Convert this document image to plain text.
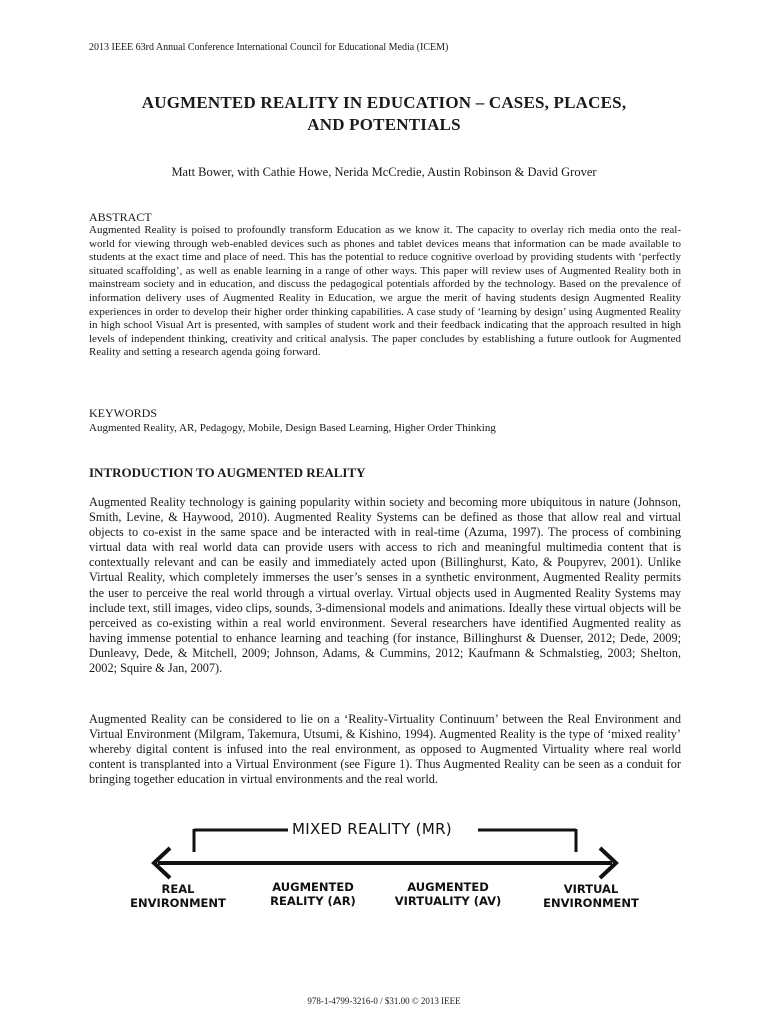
2013 IEEE 63rd Annual Conference International Council for Educational Media (ICEM)
AUGMENTED REALITY IN EDUCATION – CASES, PLACES,
AND POTENTIALS
Matt Bower, with Cathie Howe, Nerida McCredie, Austin Robinson & David Grover
ABSTRACT

Augmented Reality is poised to profoundly transform Education as we know it. The capacity to overlay rich media onto the real-world for viewing through web-enabled devices such as phones and tablet devices means that information can be made available to students at the exact time and place of need. This has the potential to reduce cognitive overload by providing students with ‘perfectly situated scaffolding’, as well as enable learning in a range of other ways. This paper will review uses of Augmented Reality both in mainstream society and in education, and discuss the pedagogical potentials afforded by the technology. Based on the prevalence of information delivery uses of Augmented Reality in Education, we argue the merit of having students design Augmented Reality experiences in order to develop their higher order thinking capabilities. A case study of ‘learning by design’ using Augmented Reality in high school Visual Art is presented, with samples of student work and their feedback indicating that the approach resulted in high levels of independent thinking, creativity and critical analysis. The paper concludes by establishing a future outlook for Augmented Reality and setting a research agenda going forward.

KEYWORDS

Augmented Reality, AR, Pedagogy, Mobile, Design Based Learning, Higher Order Thinking

INTRODUCTION TO AUGMENTED REALITY

Augmented Reality technology is gaining popularity within society and becoming more ubiquitous in nature (Johnson, Smith, Levine, & Haywood, 2010). Augmented Reality Systems can be defined as those that allow real and virtual objects to co-exist in the same space and be interacted with in real-time (Azuma, 1997). The process of combining virtual data with real world data can provide users with access to rich and meaningful multimedia content that is contextually relevant and can be easily and immediately acted upon (Billinghurst, Kato, & Poupyrev, 2001). Unlike Virtual Reality, which completely immerses the user’s senses in a synthetic environment, Augmented Reality permits the user to perceive the real world through a virtual overlay. Virtual objects used in Augmented Reality Systems may include text, still images, video clips, sounds, 3-dimensional models and animations. Ideally these virtual objects will be perceived as co-existing within a real world environment. Several researchers have identified Augmented reality as having immense potential to enhance learning and teaching (for instance, Billinghurst & Duenser, 2012; Dede, 2009; Dunleavy, Dede, & Mitchell, 2009; Johnson, Adams, & Cummins, 2012; Kaufmann & Schmalstieg, 2003; Shelton, 2002; Squire & Jan, 2007).

Augmented Reality can be considered to lie on a ‘Reality-Virtuality Continuum’ between the Real Environment and Virtual Environment (Milgram, Takemura, Utsumi, & Kishino, 1994). Augmented Reality is the type of ‘mixed reality’ whereby digital content is infused into the real environment, as opposed to Augmented Virtuality where real world content is transplanted into a Virtual Environment (see Figure 1). Thus Augmented Reality can be seen as a conduit for bringing together education in virtual environments and the real world.

MIXED REALITY (MR)
REAL
ENVIRONMENT
AUGMENTED
REALITY (AR)
AUGMENTED
VIRTUALITY (AV)
VIRTUAL
ENVIRONMENT
978-1-4799-3216-0 / $31.00 © 2013 IEEE
